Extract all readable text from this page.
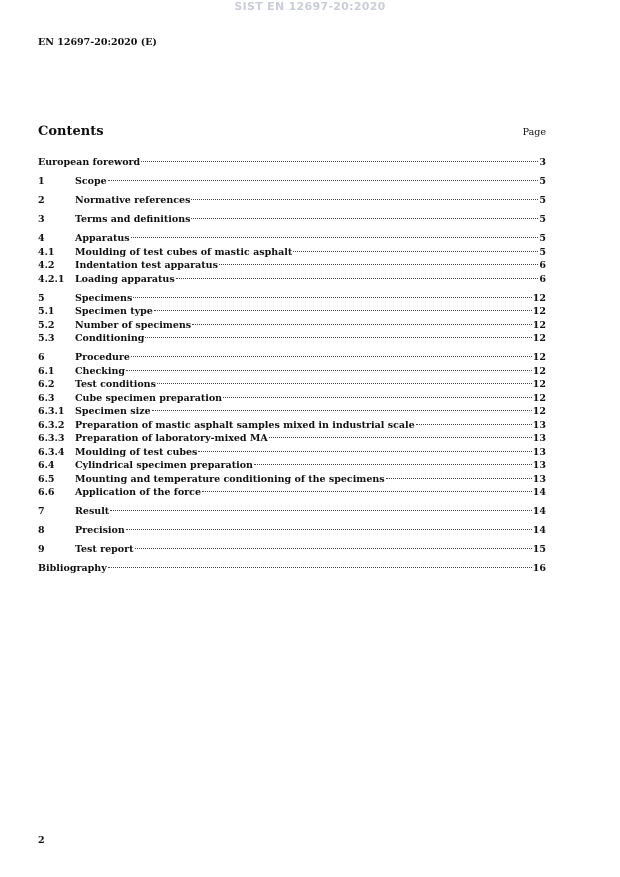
SIST EN 12697-20:2020
EN 12697-20:2020 (E)
Contents	Page
European foreword	3
1	Scope	5
2	Normative references	5
3	Terms and definitions	5
4	Apparatus	5
4.1	Moulding of test cubes of mastic asphalt	5
4.2	Indentation test apparatus	6
4.2.1	Loading apparatus	6
5	Specimens	12
5.1	Specimen type	12
5.2	Number of specimens	12
5.3	Conditioning	12
6	Procedure	12
6.1	Checking	12
6.2	Test conditions	12
6.3	Cube specimen preparation	12
6.3.1	Specimen size	12
6.3.2	Preparation of mastic asphalt samples mixed in industrial scale	13
6.3.3	Preparation of laboratory-mixed MA	13
6.3.4	Moulding of test cubes	13
6.4	Cylindrical specimen preparation	13
6.5	Mounting and temperature conditioning of the specimens	13
6.6	Application of the force	14
7	Result	14
8	Precision	14
9	Test report	15
Bibliography	16
2
